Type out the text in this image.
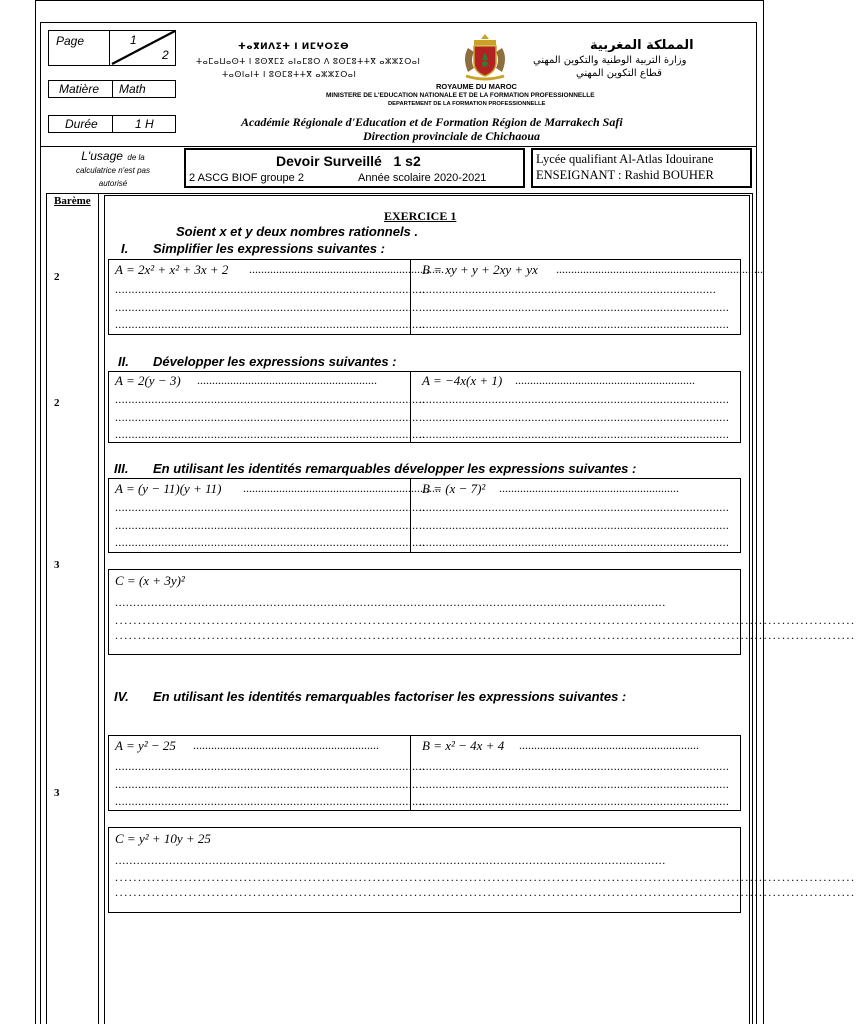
Page	1
2
Matière Math
Durée	1 H
ⵜⴰⴳⵍⴷⵉⵜ ⵏ ⵍⵎⵖⵔⵉⴱ
ⵜⴰⵎⴰⵡⴰⵙⵜ ⵏ ⵓⵙⴳⵎⵉ ⴰⵏⴰⵎⵓⵔ ⴷ ⵓⵙⵎⵓⵜⵜⴳ ⴰⵣⵣⵉⵔⴰⵏ
ⵜⴰⵙⵏⴰⵏⵜ ⵏ ⵓⵙⵎⵓⵜⵜⴳ ⴰⵣⵣⵉⵔⴰⵏ
ROYAUME DU MAROC
MINISTERE DE L'EDUCATION NATIONALE ET DE LA FORMATION PROFESSIONNELLE
DEPARTEMENT DE LA FORMATION PROFESSIONNELLE
المملكة المغربية
وزارة التربية الوطنية والتكوين المهني
قطاع التكوين المهني
Académie Régionale d'Education et de Formation Région de Marrakech Safi
Direction provinciale de Chichaoua
L'usage de la
calculatrice n'est pas
autorisé
Devoir Surveillé   1 s2
2 ASCG BIOF groupe 2	Année scolaire 2020-2021
Lycée qualifiant Al-Atlas Idouirane
ENSEIGNANT : Rashid BOUHER
Barème
2
2
3
3
EXERCICE 1
Soient x et y deux nombres rationnels .
I. Simplifier les expressions suivantes :
A = 2x² + x² + 3x + 2 .................................................................
..............................................................................................
............................................................................................
..............................................................................................
B = xy + y + 2xy + yx .....................................................................
..........................................................................................
..............................................................................................
..............................................................................................
II. Développer les expressions suivantes :
A = 2(y − 3) ............................................................
..............................................................................................
............................................................................................
..............................................................................................
A = −4x(x + 1) ............................................................
..............................................................................................
..............................................................................................
..............................................................................................
III. En utilisant les identités remarquables développer les expressions suivantes :
A = (y − 11)(y + 11) ..................................................................
..............................................................................................
............................................................................................
..............................................................................................
B = (x − 7)² ............................................................
..............................................................................................
..............................................................................................
..............................................................................................
C = (x + 3y)²
.........................................................................................................................................................
.................................................................................................................................................................
.................................................................................................................................................................
IV. En utilisant les identités remarquables factoriser les expressions suivantes :
A = y² − 25 ..............................................................
..............................................................................................
............................................................................................
..............................................................................................
B = x² − 4x + 4 ............................................................
..............................................................................................
..............................................................................................
..............................................................................................
C = y² + 10y + 25
.........................................................................................................................................................
.................................................................................................................................................................
.................................................................................................................................................................
